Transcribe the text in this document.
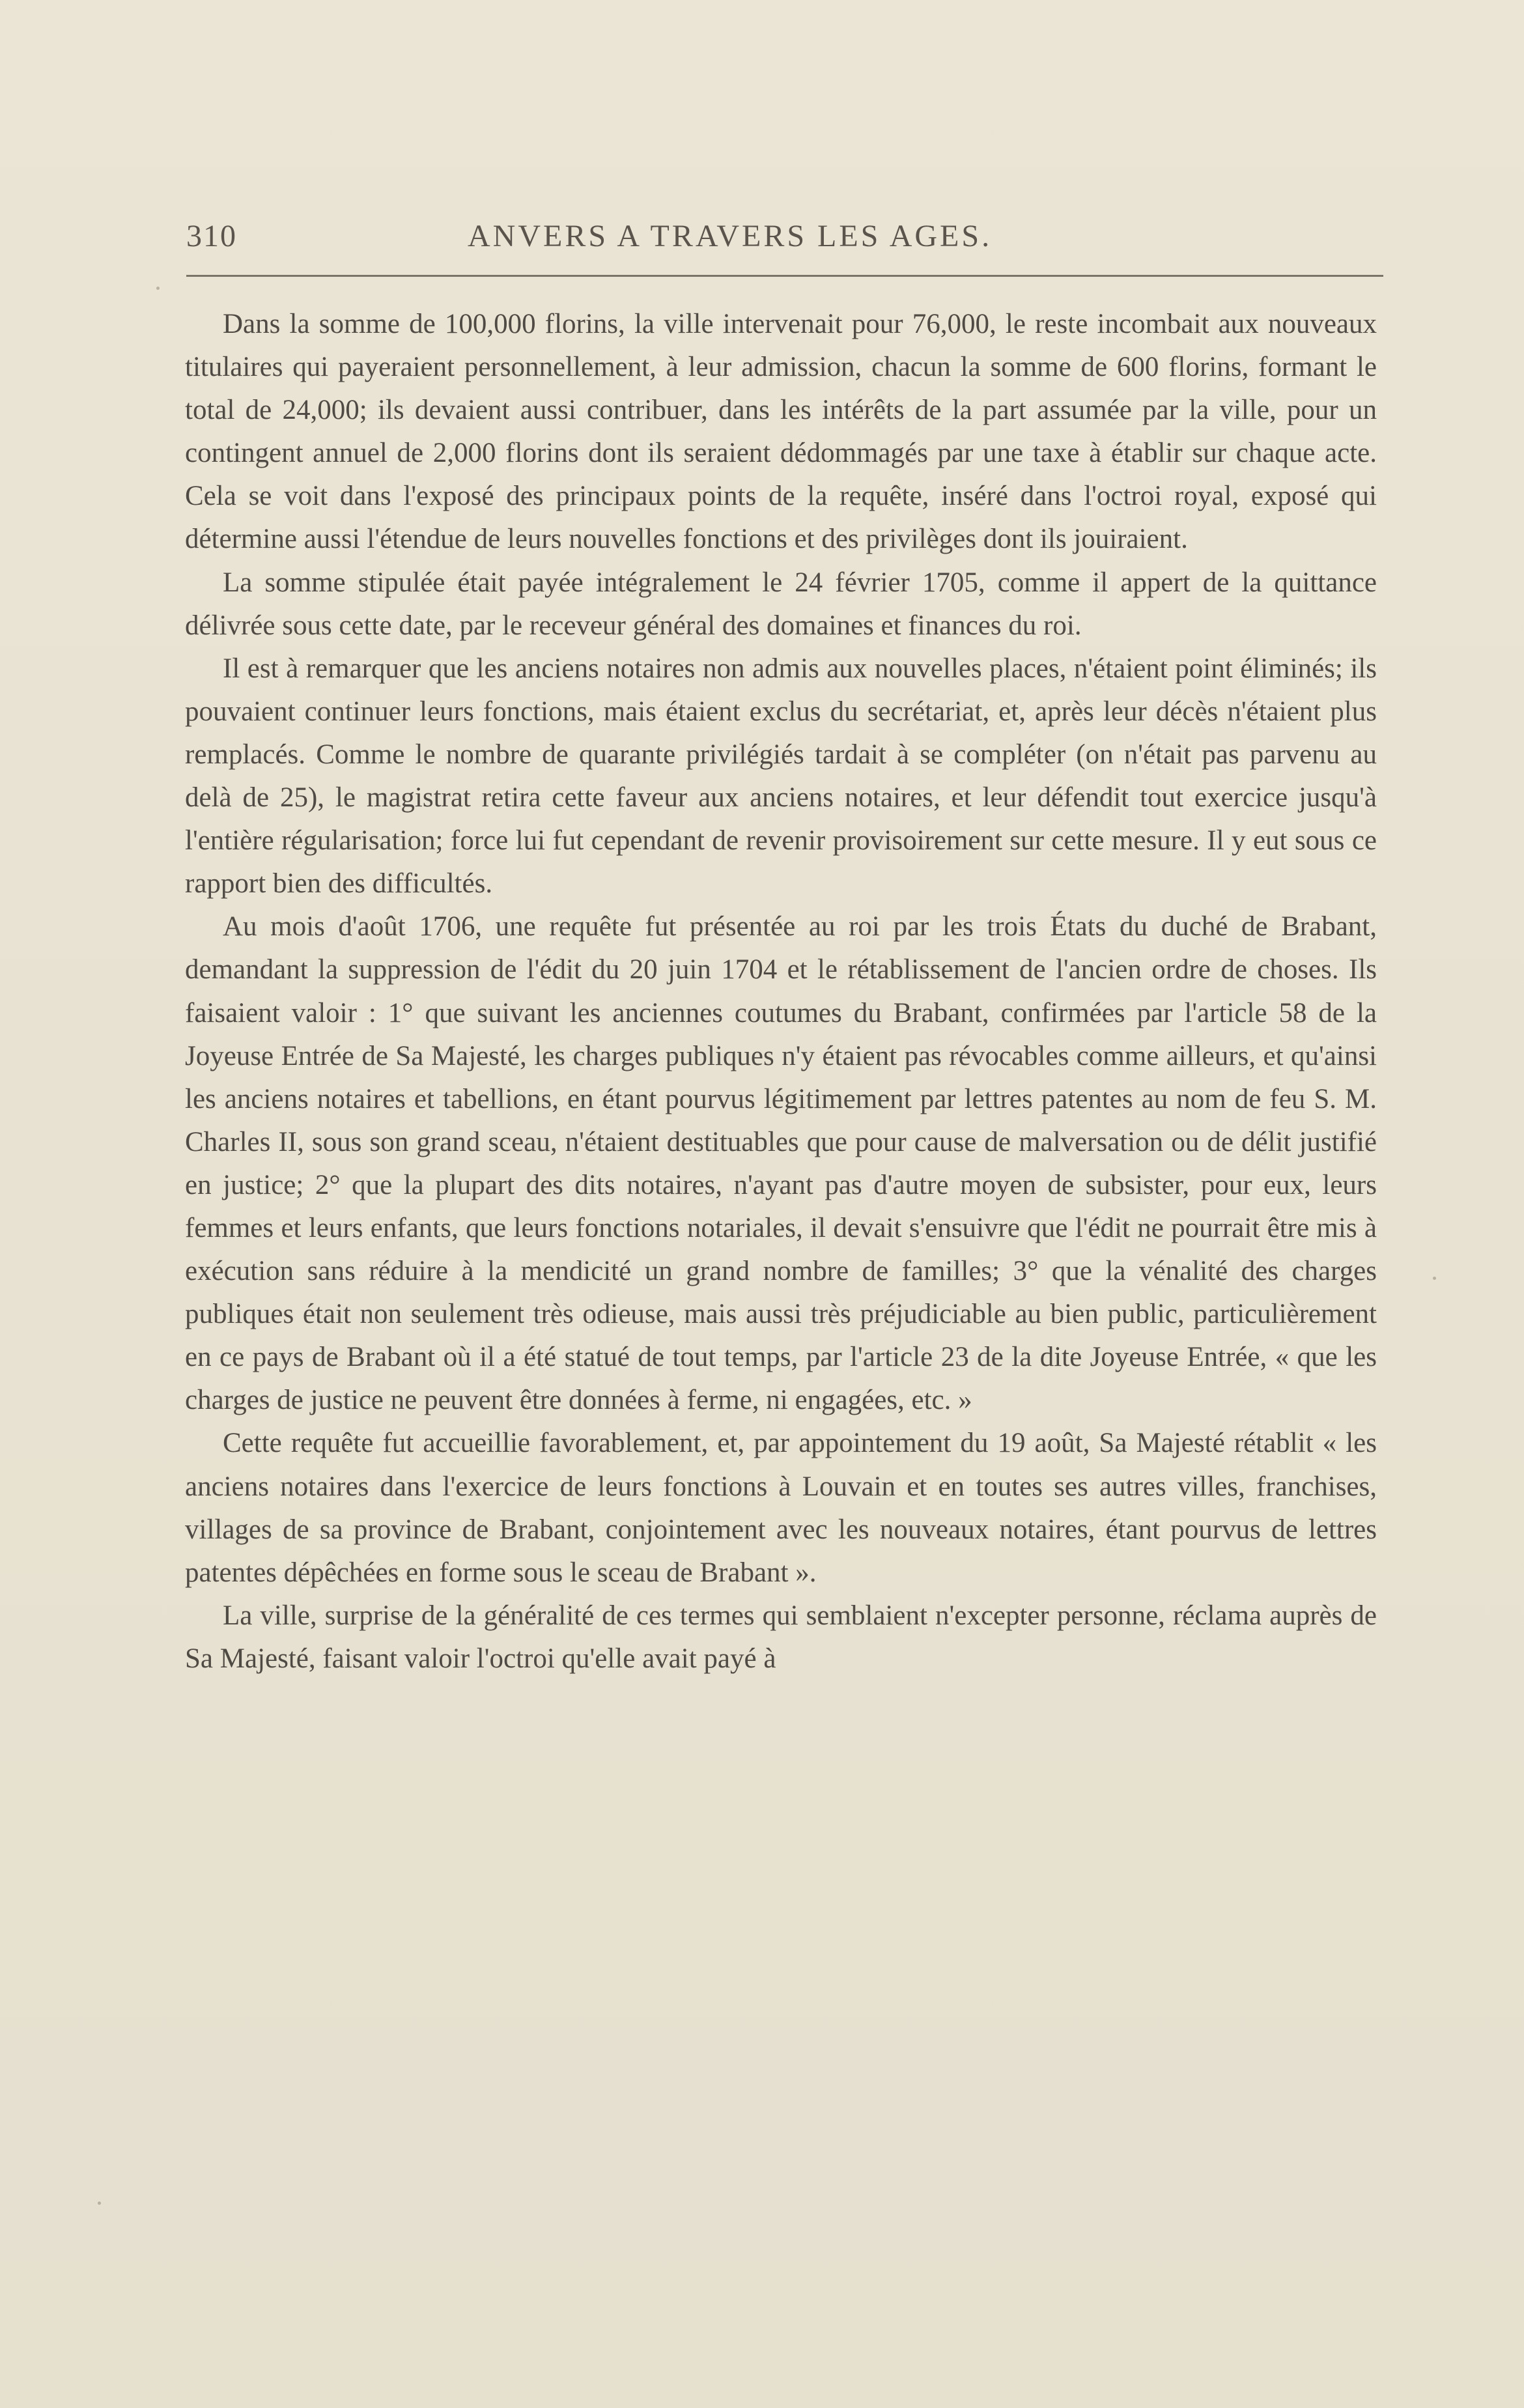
310	ANVERS A TRAVERS LES AGES.

Dans la somme de 100,000 florins, la ville intervenait pour 76,000, le reste incombait aux nouveaux titulaires qui payeraient personnellement, à leur admission, chacun la somme de 600 florins, formant le total de 24,000; ils devaient aussi contribuer, dans les intérêts de la part assumée par la ville, pour un contingent annuel de 2,000 florins dont ils seraient dédommagés par une taxe à établir sur chaque acte. Cela se voit dans l'exposé des principaux points de la requête, inséré dans l'octroi royal, exposé qui détermine aussi l'étendue de leurs nouvelles fonctions et des privilèges dont ils jouiraient.

La somme stipulée était payée intégralement le 24 février 1705, comme il appert de la quittance délivrée sous cette date, par le receveur général des domaines et finances du roi.

Il est à remarquer que les anciens notaires non admis aux nouvelles places, n'étaient point éliminés; ils pouvaient continuer leurs fonctions, mais étaient exclus du secrétariat, et, après leur décès n'étaient plus remplacés. Comme le nombre de quarante privilégiés tardait à se compléter (on n'était pas parvenu au delà de 25), le magistrat retira cette faveur aux anciens notaires, et leur défendit tout exercice jusqu'à l'entière régularisation; force lui fut cependant de revenir provisoirement sur cette mesure. Il y eut sous ce rapport bien des difficultés.

Au mois d'août 1706, une requête fut présentée au roi par les trois États du duché de Brabant, demandant la suppression de l'édit du 20 juin 1704 et le rétablissement de l'ancien ordre de choses. Ils faisaient valoir : 1° que suivant les anciennes coutumes du Brabant, confirmées par l'article 58 de la Joyeuse Entrée de Sa Majesté, les charges publiques n'y étaient pas révocables comme ailleurs, et qu'ainsi les anciens notaires et tabellions, en étant pourvus légitimement par lettres patentes au nom de feu S. M. Charles II, sous son grand sceau, n'étaient destituables que pour cause de malversation ou de délit justifié en justice; 2° que la plupart des dits notaires, n'ayant pas d'autre moyen de subsister, pour eux, leurs femmes et leurs enfants, que leurs fonctions notariales, il devait s'ensuivre que l'édit ne pourrait être mis à exécution sans réduire à la mendicité un grand nombre de familles; 3° que la vénalité des charges publiques était non seulement très odieuse, mais aussi très préjudiciable au bien public, particulièrement en ce pays de Brabant où il a été statué de tout temps, par l'article 23 de la dite Joyeuse Entrée, « que les charges de justice ne peuvent être données à ferme, ni engagées, etc. »

Cette requête fut accueillie favorablement, et, par appointement du 19 août, Sa Majesté rétablit « les anciens notaires dans l'exercice de leurs fonctions à Louvain et en toutes ses autres villes, franchises, villages de sa province de Brabant, conjointement avec les nouveaux notaires, étant pourvus de lettres patentes dépêchées en forme sous le sceau de Brabant ».

La ville, surprise de la généralité de ces termes qui semblaient n'excepter personne, réclama auprès de Sa Majesté, faisant valoir l'octroi qu'elle avait payé à
